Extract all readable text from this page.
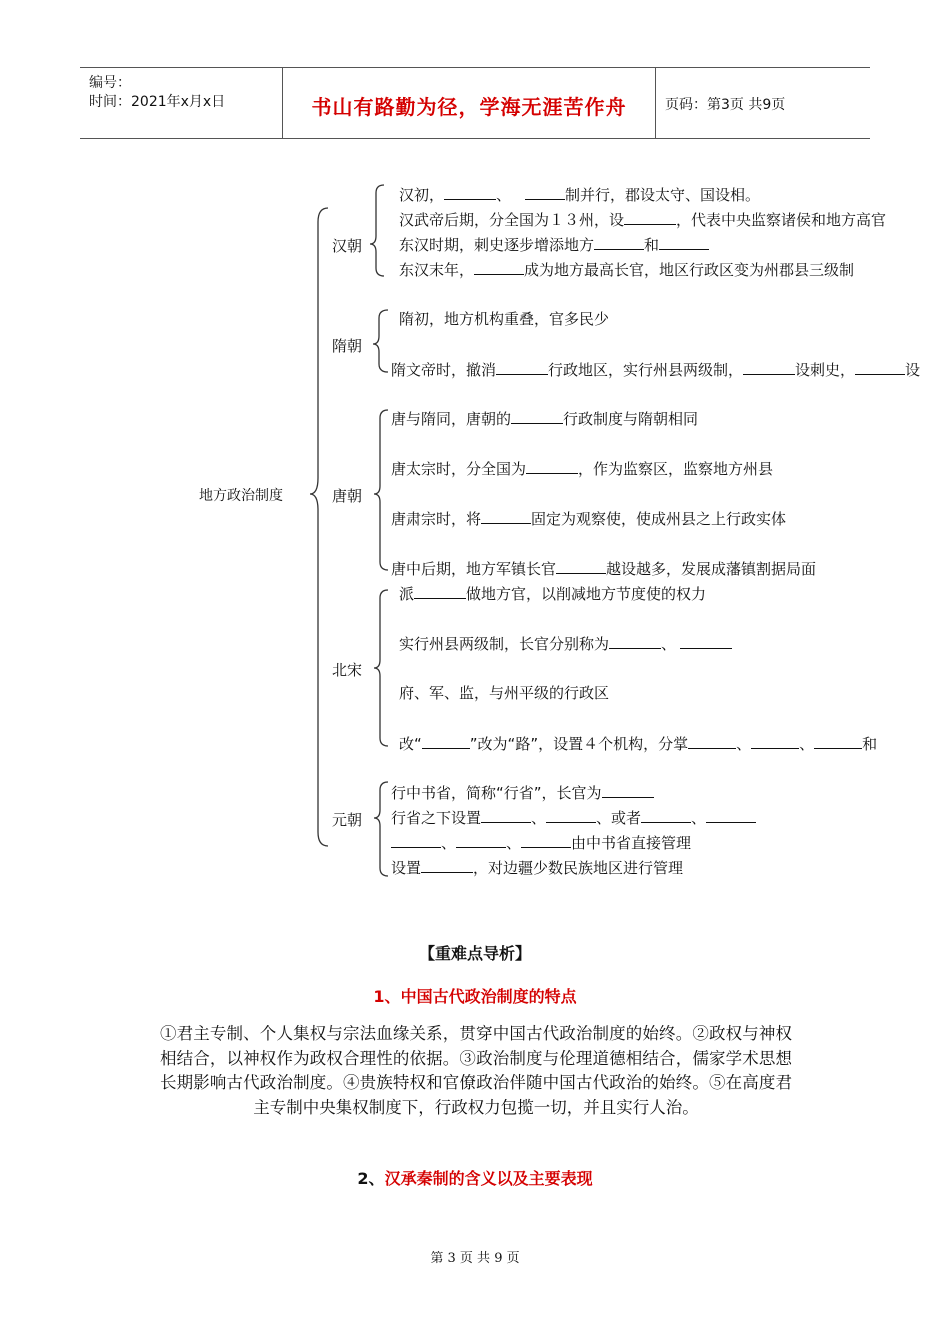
编号：
时间：2021年x月x日	书山有路勤为径，学海无涯苦作舟	页码：第3页 共9页
地方政治制度
汉朝
隋朝
唐朝
北宋
元朝
汉初，	、	制并行，郡设太守、国设相。
汉武帝后期，分全国为１３州，设	，代表中央监察诸侯和地方高官
东汉时期，刺史逐步增添地方	和
东汉末年，	成为地方最高长官，地区行政区变为州郡县三级制
隋初，地方机构重叠，官多民少
隋文帝时，撤消	行政地区，实行州县两级制，	设刺史，	设
唐与隋同，唐朝的	行政制度与隋朝相同
唐太宗时，分全国为	，作为监察区，监察地方州县
唐肃宗时，将	固定为观察使，使成州县之上行政实体
唐中后期，地方军镇长官	越设越多，发展成藩镇割据局面
派	做地方官，以削减地方节度使的权力
实行州县两级制，长官分别称为	、
府、军、监，与州平级的行政区
改“	”改为“路”，设置４个机构，分掌	、	、	和
行中书省，简称“行省”，长官为
行省之下设置	、	、或者	、
、	、	由中书省直接管理
设置	，对边疆少数民族地区进行管理
【重难点导析】
1、中国古代政治制度的特点
①君主专制、个人集权与宗法血缘关系，贯穿中国古代政治制度的始终。②政权与神权相结合，以神权作为政权合理性的依据。③政治制度与伦理道德相结合，儒家学术思想长期影响古代政治制度。④贵族特权和官僚政治伴随中国古代政治的始终。⑤在高度君主专制中央集权制度下，行政权力包揽一切，并且实行人治。
2、汉承秦制的含义以及主要表现
第 3 页 共 9 页
